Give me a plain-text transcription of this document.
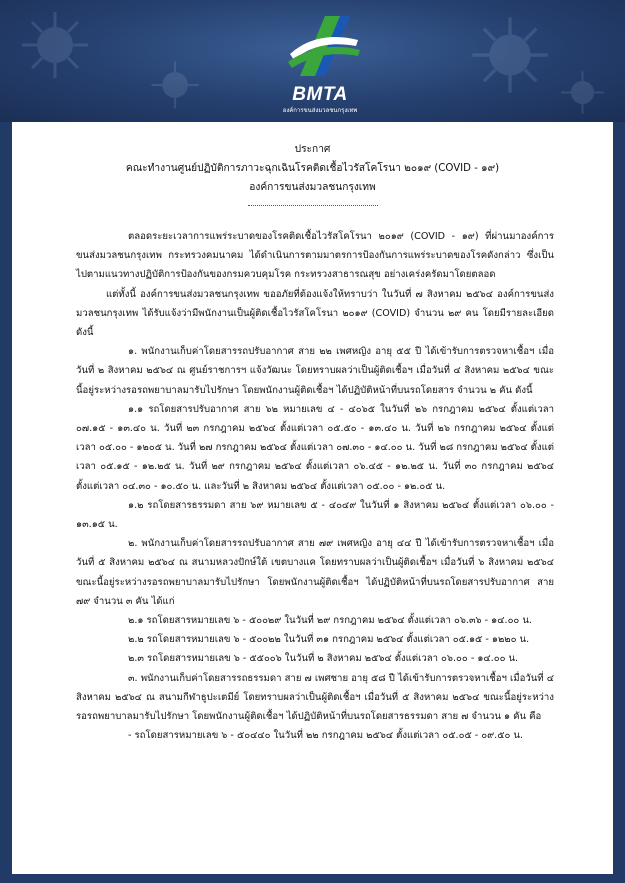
BMTA
องค์การขนส่งมวลชนกรุงเทพ
ประกาศ
คณะทำงานศูนย์ปฏิบัติการภาวะฉุกเฉินโรคติดเชื้อไวรัสโคโรนา ๒๐๑๙ (COVID - ๑๙)
องค์การขนส่งมวลชนกรุงเทพ

ตลอดระยะเวลาการแพร่ระบาดของโรคติดเชื้อไวรัสโคโรนา ๒๐๑๙ (COVID - ๑๙) ที่ผ่านมาองค์การขนส่งมวลชนกรุงเทพ กระทรวงคมนาคม ได้ดำเนินการตามมาตรการป้องกันการแพร่ระบาดของโรคดังกล่าว ซึ่งเป็นไปตามแนวทางปฏิบัติการป้องกันของกรมควบคุมโรค กระทรวงสาธารณสุข อย่างเคร่งครัดมาโดยตลอด

แต่ทั้งนี้ องค์การขนส่งมวลชนกรุงเทพ ขออภัยที่ต้องแจ้งให้ทราบว่า ในวันที่ ๗ สิงหาคม ๒๕๖๔ องค์การขนส่งมวลชนกรุงเทพ ได้รับแจ้งว่ามีพนักงานเป็นผู้ติดเชื้อไวรัสโคโรนา ๒๐๑๙ (COVID) จำนวน ๒๙ คน โดยมีรายละเอียด ดังนี้

๑. พนักงานเก็บค่าโดยสารรถปรับอากาศ สาย ๒๒ เพศหญิง อายุ ๕๕ ปี ได้เข้ารับการตรวจหาเชื้อฯ เมื่อวันที่ ๒ สิงหาคม ๒๕๖๔ ณ ศูนย์ราชการฯ แจ้งวัฒนะ โดยทราบผลว่าเป็นผู้ติดเชื้อฯ เมื่อวันที่ ๔ สิงหาคม ๒๕๖๔ ขณะนี้อยู่ระหว่างรอรถพยาบาลมารับไปรักษา โดยพนักงานผู้ติดเชื้อฯ ได้ปฏิบัติหน้าที่บนรถโดยสาร จำนวน ๒ คัน ดังนี้

๑.๑ รถโดยสารปรับอากาศ สาย ๖๒ หมายเลข ๔ - ๔๐๖๕ ในวันที่ ๒๖ กรกฎาคม ๒๕๖๔ ตั้งแต่เวลา ๐๗.๑๕ - ๑๓.๔๐ น. วันที่ ๒๓ กรกฎาคม ๒๕๖๔ ตั้งแต่เวลา ๐๕.๕๐ - ๑๓.๔๐ น. วันที่ ๒๖ กรกฎาคม ๒๕๖๔ ตั้งแต่เวลา ๐๕.๐๐ - ๑๒๐๕ น. วันที่ ๒๗ กรกฎาคม ๒๕๖๔ ตั้งแต่เวลา ๐๗.๓๐ - ๑๔.๐๐ น. วันที่ ๒๘ กรกฎาคม ๒๕๖๔ ตั้งแต่เวลา ๐๕.๑๕ - ๑๒.๒๕ น. วันที่ ๒๙ กรกฎาคม ๒๕๖๔ ตั้งแต่เวลา ๐๖.๔๕ - ๑๒.๒๕ น. วันที่ ๓๐ กรกฎาคม ๒๕๖๔ ตั้งแต่เวลา ๐๔.๓๐ - ๑๐.๕๐ น. และวันที่ ๒ สิงหาคม ๒๕๖๔ ตั้งแต่เวลา ๐๕.๐๐ - ๑๒.๐๕ น.

๑.๒ รถโดยสารธรรมดา สาย ๖๙ หมายเลข ๕ - ๔๐๔๙ ในวันที่ ๑ สิงหาคม ๒๕๖๔ ตั้งแต่เวลา ๐๖.๐๐ - ๑๓.๑๕ น.

๒. พนักงานเก็บค่าโดยสารรถปรับอากาศ สาย ๗๙ เพศหญิง อายุ ๔๔ ปี ได้เข้ารับการตรวจหาเชื้อฯ เมื่อวันที่ ๕ สิงหาคม ๒๕๖๔ ณ สนามหลวงปักษ์ใต้ เขตบางแค โดยทราบผลว่าเป็นผู้ติดเชื้อฯ เมื่อวันที่ ๖ สิงหาคม ๒๕๖๔ ขณะนี้อยู่ระหว่างรอรถพยาบาลมารับไปรักษา โดยพนักงานผู้ติดเชื้อฯ ได้ปฏิบัติหน้าที่บนรถโดยสารปรับอากาศ สาย ๗๙ จำนวน ๓ คัน ได้แก่

๒.๑ รถโดยสารหมายเลข ๖ - ๕๐๐๒๙ ในวันที่ ๒๙ กรกฎาคม ๒๕๖๔ ตั้งแต่เวลา ๐๖.๓๖ - ๑๔.๐๐ น.

๒.๒ รถโดยสารหมายเลข ๖ - ๕๐๐๒๒ ในวันที่ ๓๑ กรกฎาคม ๒๕๖๔ ตั้งแต่เวลา ๐๕.๑๕ - ๑๒๒๐ น.

๒.๓ รถโดยสารหมายเลข ๖ - ๕๕๐๐๖ ในวันที่ ๒ สิงหาคม ๒๕๖๔ ตั้งแต่เวลา ๐๖.๐๐ - ๑๔.๐๐ น.

๓. พนักงานเก็บค่าโดยสารรถธรรมดา สาย ๗ เพศชาย อายุ ๕๘ ปี ได้เข้ารับการตรวจหาเชื้อฯ เมื่อวันที่ ๔ สิงหาคม ๒๕๖๔ ณ สนามกีฬาธูปะเตมีย์ โดยทราบผลว่าเป็นผู้ติดเชื้อฯ เมื่อวันที่ ๕ สิงหาคม ๒๕๖๔ ขณะนี้อยู่ระหว่างรอรถพยาบาลมารับไปรักษา โดยพนักงานผู้ติดเชื้อฯ ได้ปฏิบัติหน้าที่บนรถโดยสารธรรมดา สาย ๗ จำนวน ๑ คัน คือ

- รถโดยสารหมายเลข ๖ - ๕๐๔๔๐ ในวันที่ ๒๒ กรกฎาคม ๒๕๖๔ ตั้งแต่เวลา ๐๕.๐๕ - ๐๙.๕๐ น.
